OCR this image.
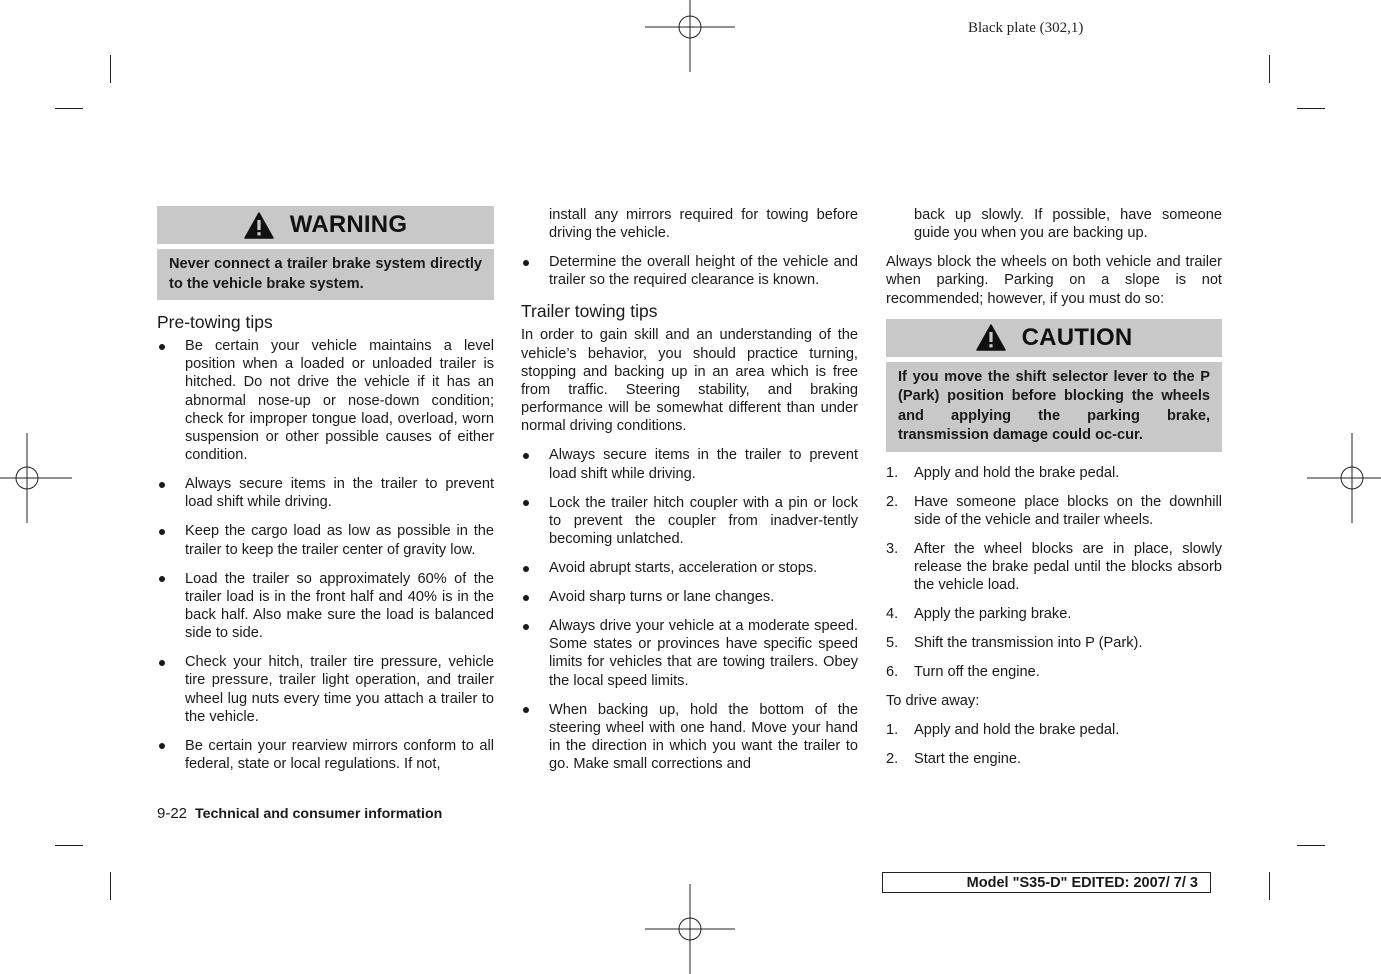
Black plate (302,1)
WARNING
Never connect a trailer brake system directly to the vehicle brake system.
Pre-towing tips
Be certain your vehicle maintains a level position when a loaded or unloaded trailer is hitched. Do not drive the vehicle if it has an abnormal nose-up or nose-down condition; check for improper tongue load, overload, worn suspension or other possible causes of either condition.
Always secure items in the trailer to prevent load shift while driving.
Keep the cargo load as low as possible in the trailer to keep the trailer center of gravity low.
Load the trailer so approximately 60% of the trailer load is in the front half and 40% is in the back half. Also make sure the load is balanced side to side.
Check your hitch, trailer tire pressure, vehicle tire pressure, trailer light operation, and trailer wheel lug nuts every time you attach a trailer to the vehicle.
Be certain your rearview mirrors conform to all federal, state or local regulations. If not,

install any mirrors required for towing before driving the vehicle.

Determine the overall height of the vehicle and trailer so the required clearance is known.
Trailer towing tips

In order to gain skill and an understanding of the vehicle’s behavior, you should practice turning, stopping and backing up in an area which is free from traffic. Steering stability, and braking performance will be somewhat different than under normal driving conditions.

Always secure items in the trailer to prevent load shift while driving.
Lock the trailer hitch coupler with a pin or lock to prevent the coupler from inadver-tently becoming unlatched.
Avoid abrupt starts, acceleration or stops.
Avoid sharp turns or lane changes.
Always drive your vehicle at a moderate speed. Some states or provinces have specific speed limits for vehicles that are towing trailers. Obey the local speed limits.
When backing up, hold the bottom of the steering wheel with one hand. Move your hand in the direction in which you want the trailer to go. Make small corrections and

back up slowly. If possible, have someone guide you when you are backing up.

Always block the wheels on both vehicle and trailer when parking. Parking on a slope is not recommended; however, if you must do so:

CAUTION
If you move the shift selector lever to the P (Park) position before blocking the wheels and applying the parking brake, transmission damage could oc-cur.
1. Apply and hold the brake pedal.
2. Have someone place blocks on the downhill side of the vehicle and trailer wheels.
3. After the wheel blocks are in place, slowly release the brake pedal until the blocks absorb the vehicle load.
4. Apply the parking brake.
5. Shift the transmission into P (Park).
6. Turn off the engine.

To drive away:

1. Apply and hold the brake pedal.
2. Start the engine.
9-22 Technical and consumer information
Model "S35-D" EDITED: 2007/ 7/ 3
